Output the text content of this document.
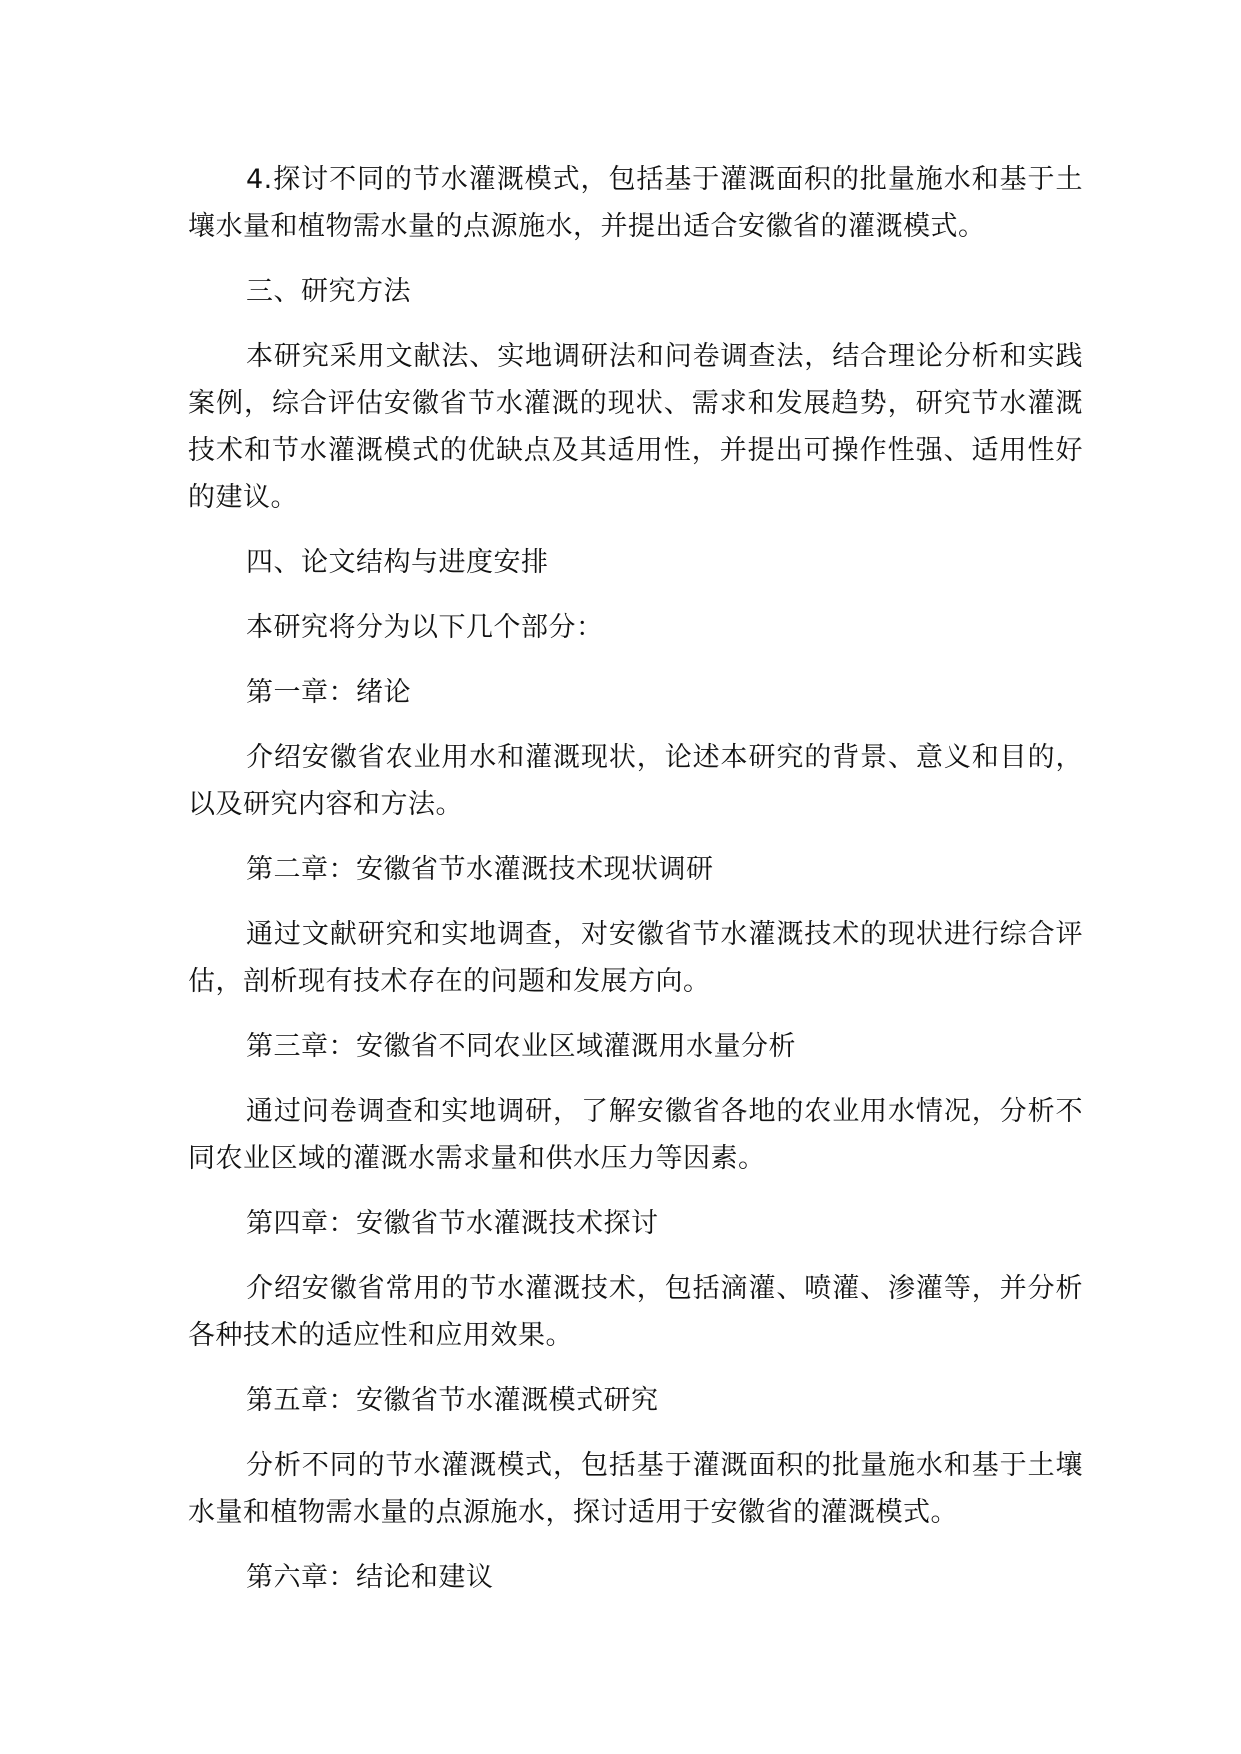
4.探讨不同的节水灌溉模式，包括基于灌溉面积的批量施水和基于土壤水量和植物需水量的点源施水，并提出适合安徽省的灌溉模式。

三、研究方法

本研究采用文献法、实地调研法和问卷调查法，结合理论分析和实践案例，综合评估安徽省节水灌溉的现状、需求和发展趋势，研究节水灌溉技术和节水灌溉模式的优缺点及其适用性，并提出可操作性强、适用性好的建议。

四、论文结构与进度安排

本研究将分为以下几个部分：

第一章：绪论

介绍安徽省农业用水和灌溉现状，论述本研究的背景、意义和目的，以及研究内容和方法。

第二章：安徽省节水灌溉技术现状调研

通过文献研究和实地调查，对安徽省节水灌溉技术的现状进行综合评估，剖析现有技术存在的问题和发展方向。

第三章：安徽省不同农业区域灌溉用水量分析

通过问卷调查和实地调研，了解安徽省各地的农业用水情况，分析不同农业区域的灌溉水需求量和供水压力等因素。

第四章：安徽省节水灌溉技术探讨

介绍安徽省常用的节水灌溉技术，包括滴灌、喷灌、渗灌等，并分析各种技术的适应性和应用效果。

第五章：安徽省节水灌溉模式研究

分析不同的节水灌溉模式，包括基于灌溉面积的批量施水和基于土壤水量和植物需水量的点源施水，探讨适用于安徽省的灌溉模式。

第六章：结论和建议
